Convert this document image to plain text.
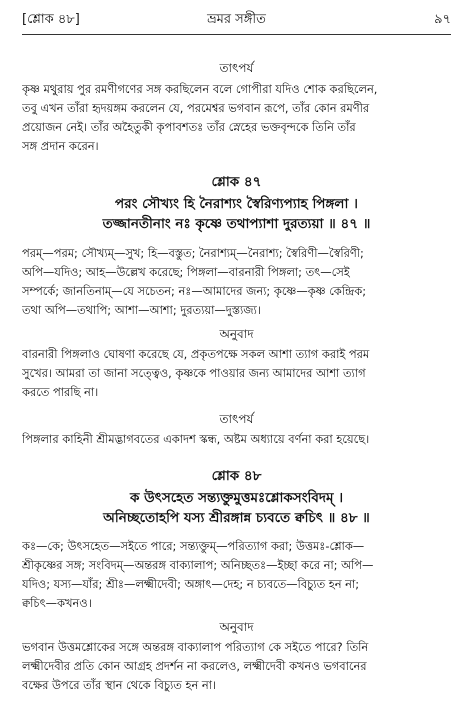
[শ্লোক ৪৮]	ভ্রমর সঙ্গীত	৯৭
তাৎপর্য
কৃষ্ণ মথুরায় পুর রমণীগণের সঙ্গ করছিলেন বলে গোপীরা যদিও শোক করছিলেন,
তবু এখন তাঁরা হৃদয়ঙ্গম করলেন যে, পরমেশ্বর ভগবান রূপে, তাঁর কোন রমণীর
প্রয়োজন নেই। তাঁর অহৈতুকী কৃপাবশতঃ তাঁর স্নেহের ভক্তবৃন্দকে তিনি তাঁর
সঙ্গ প্রদান করেন।
শ্লোক ৪৭
পরং সৌখ্যং হি নৈরাশ্যং স্বৈরিণ্যপ্যাহ পিঙ্গলা ।
তজ্জানতীনাং নঃ কৃষ্ণে তথাপ্যাশা দুরত্যয়া ॥ ৪৭ ॥
পরম্—পরম; সৌখ্যম্—সুখ; হি—বস্তুত; নৈরাশ্যম্—নৈরাশ্য; স্বৈরিণী—স্বৈরিণী;
অপি—যদিও; আহ—উল্লেখ করেছে; পিঙ্গলা—বারনারী পিঙ্গলা; তৎ—সেই
সম্পর্কে; জানতিনাম্—যে সচেতন; নঃ—আমাদের জন্য; কৃষ্ণে—কৃষ্ণ কেন্দ্রিক;
তথা অপি—তথাপি; আশা—আশা; দুরত্যয়া—দুস্ত্যজ্য।
অনুবাদ
বারনারী পিঙ্গলাও ঘোষণা করেছে যে, প্রকৃতপক্ষে সকল আশা ত্যাগ করাই পরম
সুখের। আমরা তা জানা সত্ত্বেও, কৃষ্ণকে পাওয়ার জন্য আমাদের আশা ত্যাগ
করতে পারছি না।
তাৎপর্য
পিঙ্গলার কাহিনী শ্রীমদ্ভাগবতের একাদশ স্কন্ধ, অষ্টম অধ্যায়ে বর্ণনা করা হয়েছে।
শ্লোক ৪৮
ক উৎসহেত সন্ত্যক্তুমুত্তমঃশ্লোকসংবিদম্ ।
অনিচ্ছতোহপি যস্য শ্রীরঙ্গান্ন চ্যবতে ক্বচিৎ ॥ ৪৮ ॥
কঃ—কে; উৎসহেত—সইতে পারে; সন্ত্যক্তুম্—পরিত্যাগ করা; উত্তমঃ-শ্লোক—
শ্রীকৃষ্ণের সঙ্গ; সংবিদম্—অন্তরঙ্গ বাক্যালাপ; অনিচ্ছতঃ—ইচ্ছা করে না; অপি—
যদিও; যস্য—যাঁর; শ্রীঃ—লক্ষ্মীদেবী; অঙ্গাৎ—দেহ; ন চ্যবতে—বিচ্যুত হন না;
ক্বচিৎ—কখনও।
অনুবাদ
ভগবান উত্তমশ্লোকের সঙ্গে অন্তরঙ্গ বাক্যালাপ পরিত্যাগ কে সইতে পারে? তিনি
লক্ষ্মীদেবীর প্রতি কোন আগ্রহ প্রদর্শন না করলেও, লক্ষ্মীদেবী কখনও ভগবানের
বক্ষের উপরে তাঁর স্থান থেকে বিচ্যুত হন না।
